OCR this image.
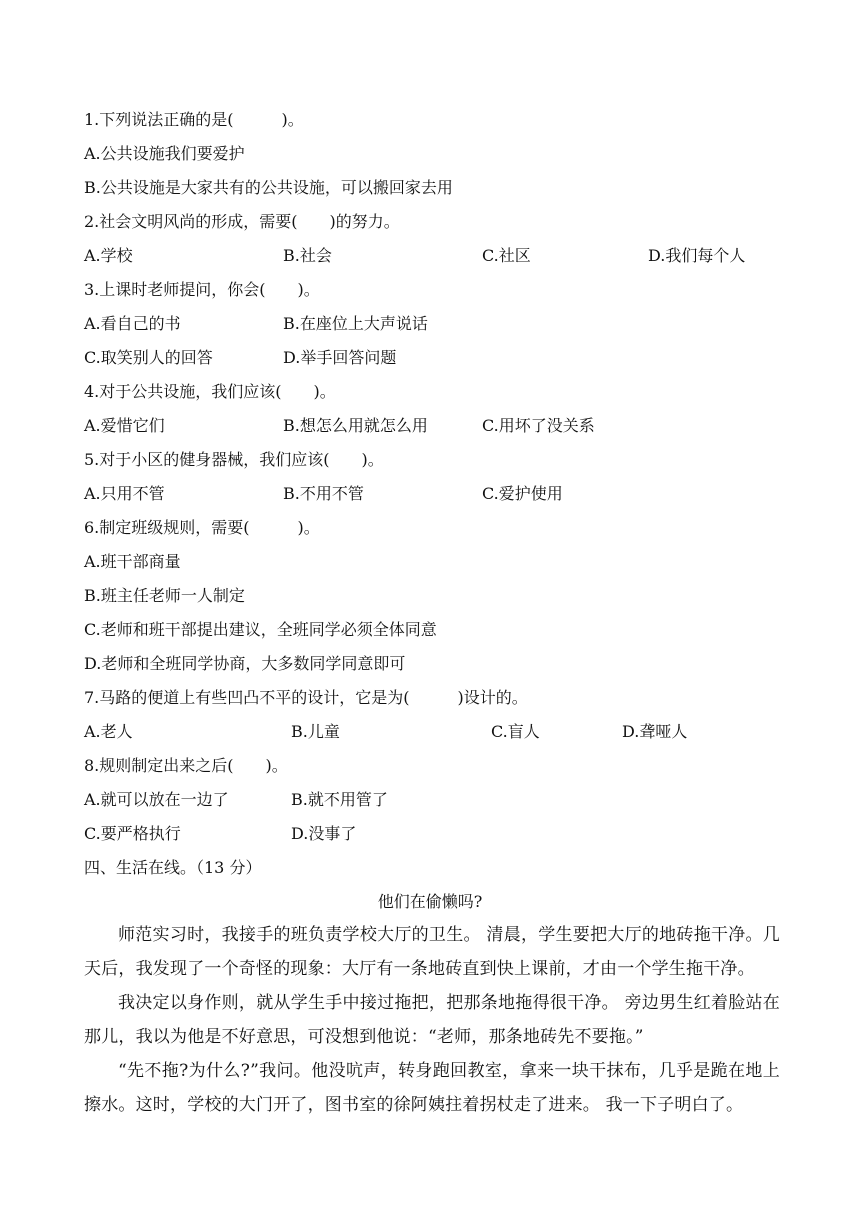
1.下列说法正确的是(　　　)。
A.公共设施我们要爱护
B.公共设施是大家共有的公共设施，可以搬回家去用
2.社会文明风尚的形成，需要(　　)的努力。
A.学校	B.社会	C.社区	D.我们每个人
3.上课时老师提问，你会(　　)。
A.看自己的书	B.在座位上大声说话
C.取笑别人的回答	D.举手回答问题
4.对于公共设施，我们应该(　　)。
A.爱惜它们	B.想怎么用就怎么用	C.用坏了没关系
5.对于小区的健身器械，我们应该(　　)。
A.只用不管	B.不用不管	C.爱护使用
6.制定班级规则，需要(　　　)。
A.班干部商量
B.班主任老师一人制定
C.老师和班干部提出建议，全班同学必须全体同意
D.老师和全班同学协商，大多数同学同意即可
7.马路的便道上有些凹凸不平的设计，它是为(　　　)设计的。
A.老人	B.儿童	C.盲人	D.聋哑人
8.规则制定出来之后(　　)。
A.就可以放在一边了	B.就不用管了
C.要严格执行	D.没事了
四、生活在线。（13 分）
他们在偷懒吗?
师范实习时，我接手的班负责学校大厅的卫生。 清晨，学生要把大厅的地砖拖干净。几天后，我发现了一个奇怪的现象：大厅有一条地砖直到快上课前，才由一个学生拖干净。
我决定以身作则，就从学生手中接过拖把，把那条地拖得很干净。 旁边男生红着脸站在那儿，我以为他是不好意思，可没想到他说：“老师，那条地砖先不要拖。”
“先不拖?为什么?”我问。他没吭声，转身跑回教室，拿来一块干抹布，几乎是跪在地上擦水。这时，学校的大门开了，图书室的徐阿姨拄着拐杖走了进来。 我一下子明白了。
